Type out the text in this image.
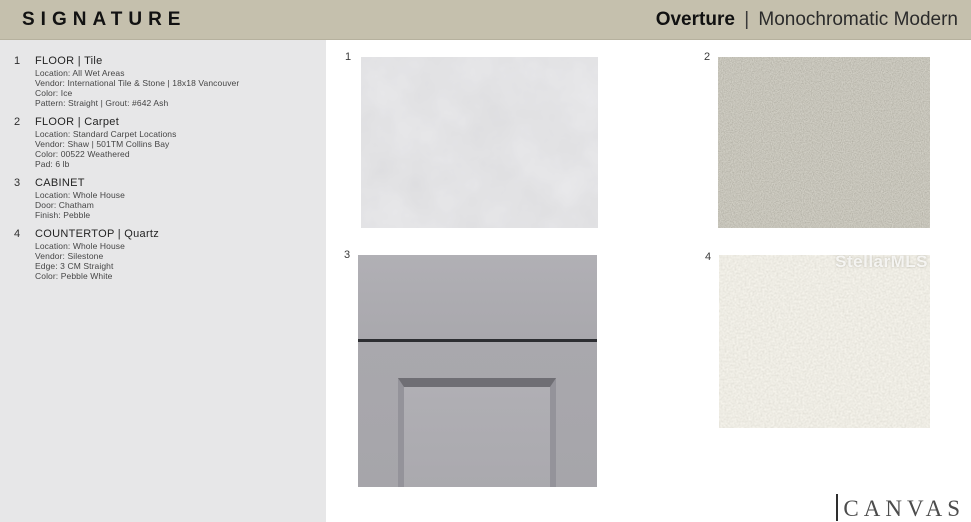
SIGNATURE	Overture | Monochromatic Modern
1	FLOOR | Tile
Location: All Wet Areas
Vendor: International Tile & Stone | 18x18 Vancouver
Color: Ice
Pattern: Straight | Grout: #642 Ash
2	FLOOR | Carpet
Location: Standard Carpet Locations
Vendor: Shaw | 501TM Collins Bay
Color: 00522 Weathered
Pad: 6 lb
3	CABINET
Location: Whole House
Door: Chatham
Finish: Pebble
4	COUNTERTOP | Quartz
Location: Whole House
Vendor: Silestone
Edge: 3 CM Straight
Color: Pebble White
1	2
3	4	StellarMLS
CANVAS
